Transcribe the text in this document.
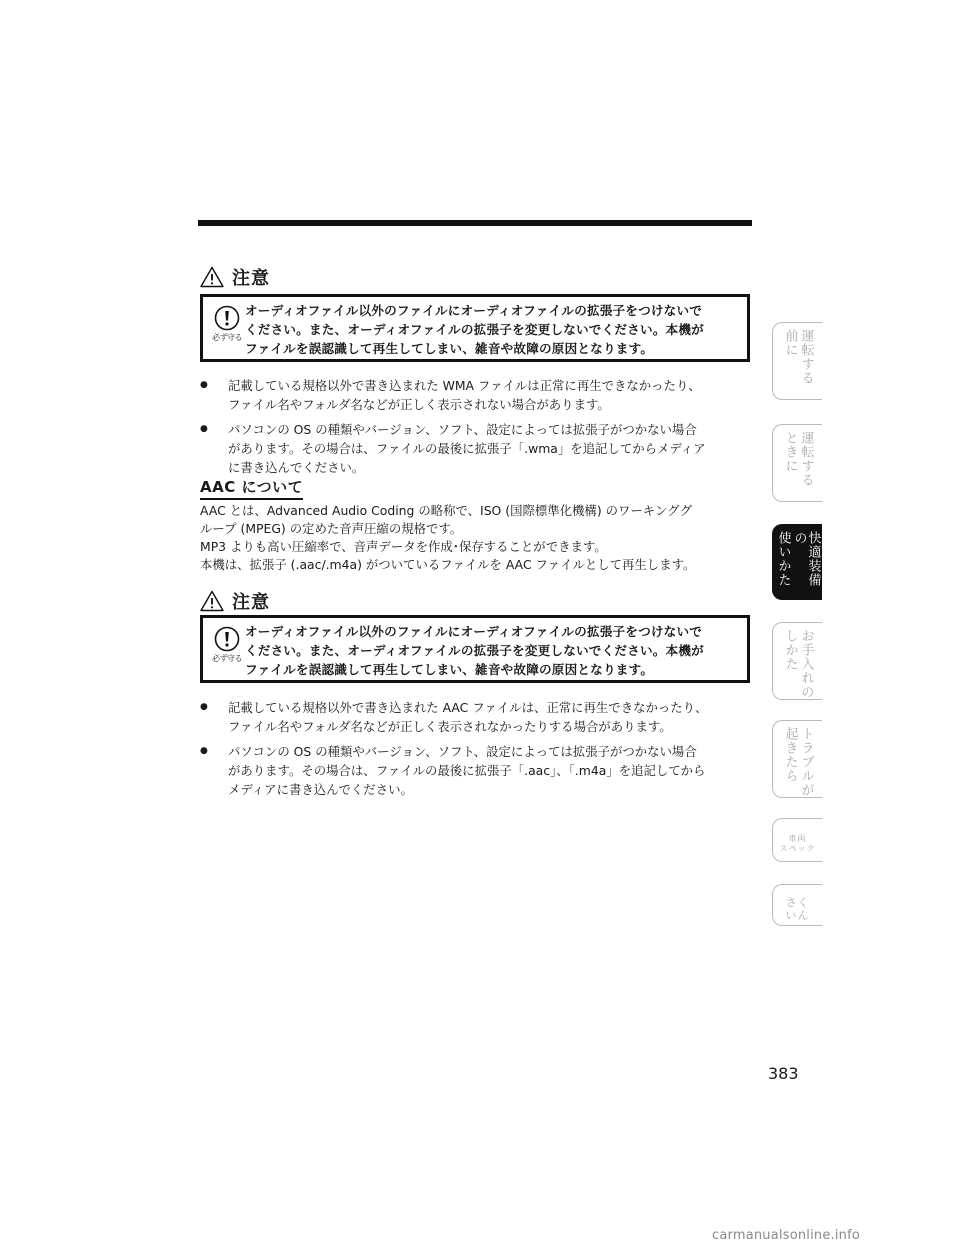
注意
必ず守る
オーディオファイル以外のファイルにオーディオファイルの拡張子をつけないで
ください。また、オーディオファイルの拡張子を変更しないでください。本機が
ファイルを誤認識して再生してしまい、雑音や故障の原因となります。
● 記載している規格以外で書き込まれた WMA ファイルは正常に再生できなかったり、
ファイル名やフォルダ名などが正しく表示されない場合があります。
● パソコンの OS の種類やバージョン、ソフト、設定によっては拡張子がつかない場合
があります。その場合は、ファイルの最後に拡張子「.wma」を追記してからメディア
に書き込んでください。
AAC について

AAC とは、Advanced Audio Coding の略称で、ISO (国際標準化機構) のワーキンググ

ループ (MPEG) の定めた音声圧縮の規格です。

MP3 よりも高い圧縮率で、音声データを作成･保存することができます。

本機は、拡張子 (.aac/.m4a) がついているファイルを AAC ファイルとして再生します。

注意
必ず守る
オーディオファイル以外のファイルにオーディオファイルの拡張子をつけないで
ください。また、オーディオファイルの拡張子を変更しないでください。本機が
ファイルを誤認識して再生してしまい、雑音や故障の原因となります。
● 記載している規格以外で書き込まれた AAC ファイルは、正常に再生できなかったり、
ファイル名やフォルダ名などが正しく表示されなかったりする場合があります。
● パソコンの OS の種類やバージョン、ソフト、設定によっては拡張子がつかない場合
があります。その場合は、ファイルの最後に拡張子「.aac」、「.m4a」を追記してから
メディアに書き込んでください。
運転する
前に
運転する
ときに
快適装備の
使いかた
お手入れの
しかた
トラブルが
起きたら
車両
スペック
さく
いん
383
carmanualsonline.info
